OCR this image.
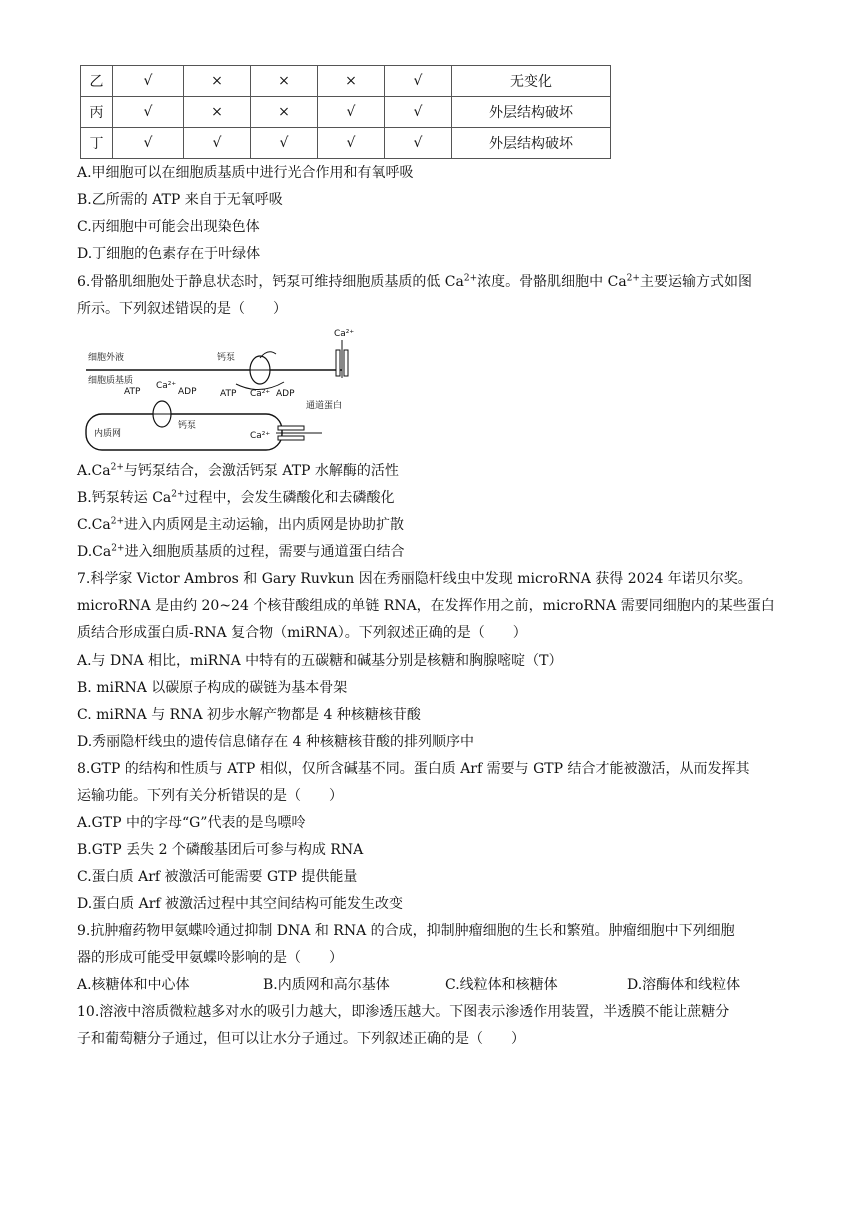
乙	√	×	×	×	√	无变化
丙	√	×	×	√	√	外层结构破坏
丁	√	√	√	√	√	外层结构破坏
A.甲细胞可以在细胞质基质中进行光合作用和有氧呼吸
B.乙所需的 ATP 来自于无氧呼吸
C.丙细胞中可能会出现染色体
D.丁细胞的色素存在于叶绿体
6.骨骼肌细胞处于静息状态时，钙泵可维持细胞质基质的低 $Ca^{2+}$浓度。骨骼肌细胞中 $Ca^{2+}$主要运输方式如图
所示。下列叙述错误的是（　　）
细胞外液
细胞质基质
钙泵
ATP Ca²⁺ ADP
Ca²⁺
通道蛋白
内质网
ATP
Ca²⁺
ADP
钙泵
Ca²⁺
$A.Ca^{2+}$与钙泵结合，会激活钙泵 ATP 水解酶的活性
B.钙泵转运 $Ca^{2+}$过程中，会发生磷酸化和去磷酸化
$C.Ca^{2+}$进入内质网是主动运输，出内质网是协助扩散
$D.Ca^{2+}$进入细胞质基质的过程，需要与通道蛋白结合
7.科学家 Victor Ambros 和 Gary Ruvkun 因在秀丽隐杆线虫中发现 microRNA 获得 2024 年诺贝尔奖。
microRNA 是由约 20~24 个核苷酸组成的单链 RNA，在发挥作用之前，microRNA 需要同细胞内的某些蛋白
质结合形成蛋白质-RNA 复合物（miRNA）。下列叙述正确的是（　　）
A.与 DNA 相比，miRNA 中特有的五碳糖和碱基分别是核糖和胸腺嘧啶（T）
B. miRNA 以碳原子构成的碳链为基本骨架
C. miRNA 与 RNA 初步水解产物都是 4 种核糖核苷酸
D.秀丽隐杆线虫的遗传信息储存在 4 种核糖核苷酸的排列顺序中
8.GTP 的结构和性质与 ATP 相似，仅所含碱基不同。蛋白质 Arf 需要与 GTP 结合才能被激活，从而发挥其
运输功能。下列有关分析错误的是（　　）
A.GTP 中的字母“G”代表的是鸟嘌呤
B.GTP 丢失 2 个磷酸基团后可参与构成 RNA
C.蛋白质 Arf 被激活可能需要 GTP 提供能量
D.蛋白质 Arf 被激活过程中其空间结构可能发生改变
9.抗肿瘤药物甲氨蝶呤通过抑制 DNA 和 RNA 的合成，抑制肿瘤细胞的生长和繁殖。肿瘤细胞中下列细胞
器的形成可能受甲氨蝶呤影响的是（　　）
A.核糖体和中心体	B.内质网和高尔基体	C.线粒体和核糖体	D.溶酶体和线粒体
10.溶液中溶质微粒越多对水的吸引力越大，即渗透压越大。下图表示渗透作用装置，半透膜不能让蔗糖分
子和葡萄糖分子通过，但可以让水分子通过。下列叙述正确的是（　　）
